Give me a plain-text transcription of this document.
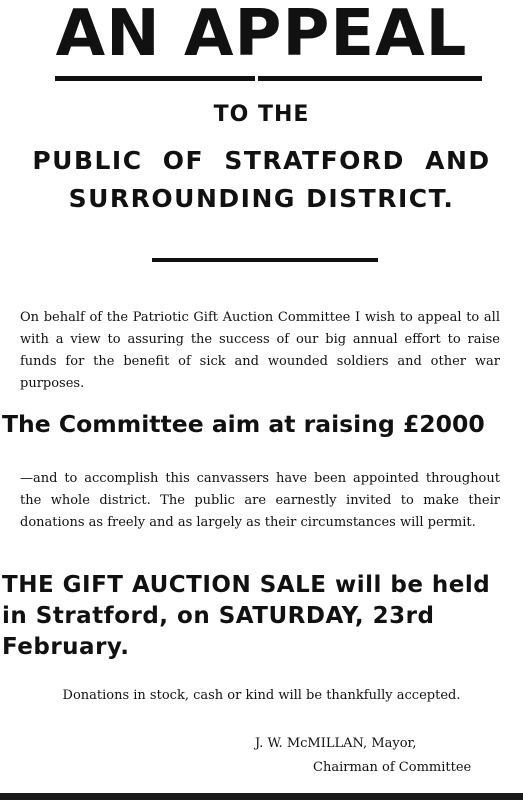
AN APPEAL
TO THE
PUBLIC OF STRATFORD AND
SURROUNDING DISTRICT.

On behalf of the Patriotic Gift Auction Committee I wish to appeal to all with a view to assuring the success of our big annual effort to raise funds for the benefit of sick and wounded soldiers and other war purposes.

The Committee aim at raising £2000

—and to accomplish this canvassers have been appointed throughout the whole district. The public are earnestly invited to make their donations as freely and as largely as their circumstances will permit.

THE GIFT AUCTION SALE will be held in Stratford, on SATURDAY, 23rd February.
Donations in stock, cash or kind will be thankfully accepted.
J. W. McMILLAN, Mayor,
Chairman of Committee
